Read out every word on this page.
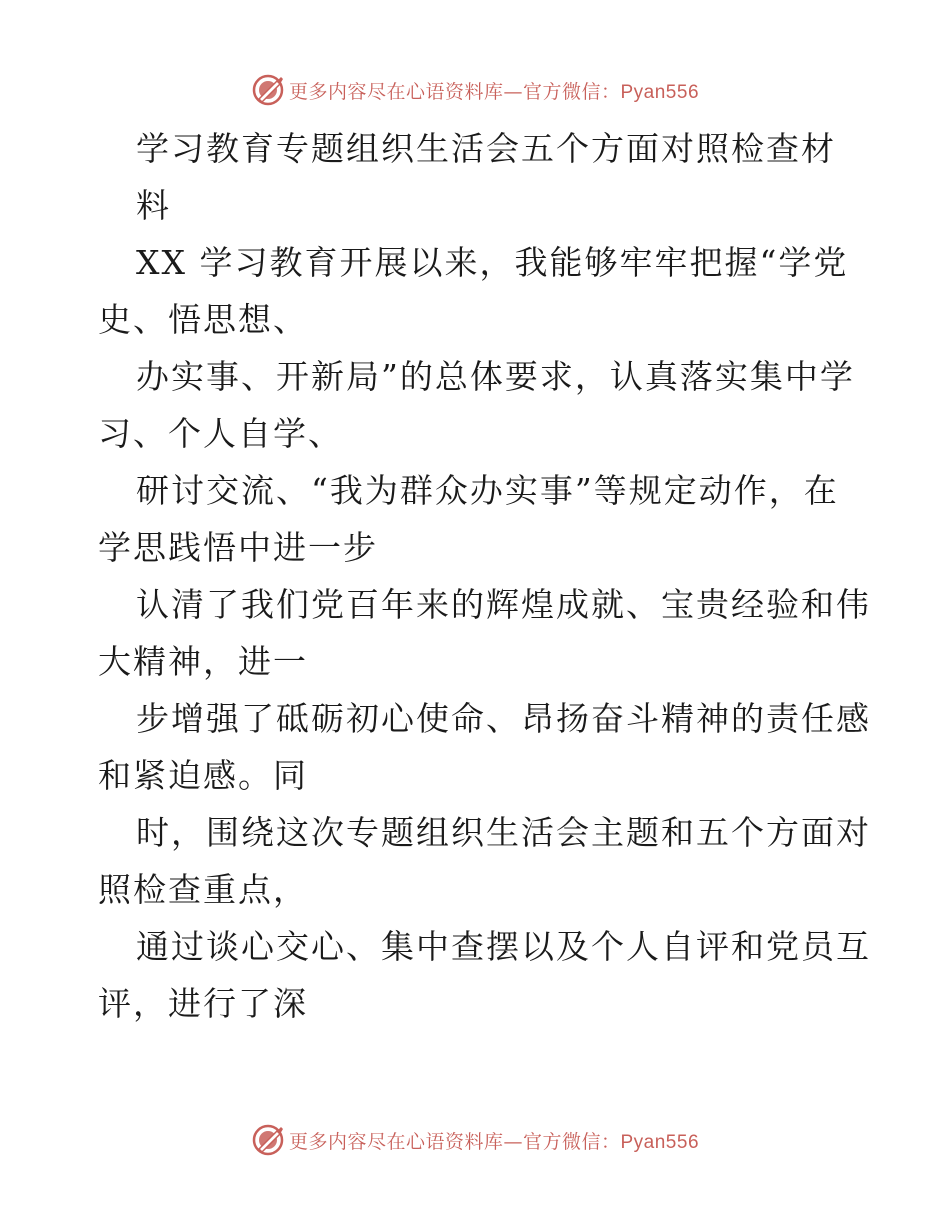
更多内容尽在心语资料库—官方微信：Pyan556
学习教育专题组织生活会五个方面对照检查材
料
XX 学习教育开展以来，我能够牢牢把握“学党
史、悟思想、
办实事、开新局”的总体要求，认真落实集中学
习、个人自学、
研讨交流、“我为群众办实事”等规定动作，在
学思践悟中进一步
认清了我们党百年来的辉煌成就、宝贵经验和伟
大精神，进一
步增强了砥砺初心使命、昂扬奋斗精神的责任感
和紧迫感。同
时，围绕这次专题组织生活会主题和五个方面对
照检查重点，
通过谈心交心、集中查摆以及个人自评和党员互
评，进行了深
更多内容尽在心语资料库—官方微信：Pyan556
